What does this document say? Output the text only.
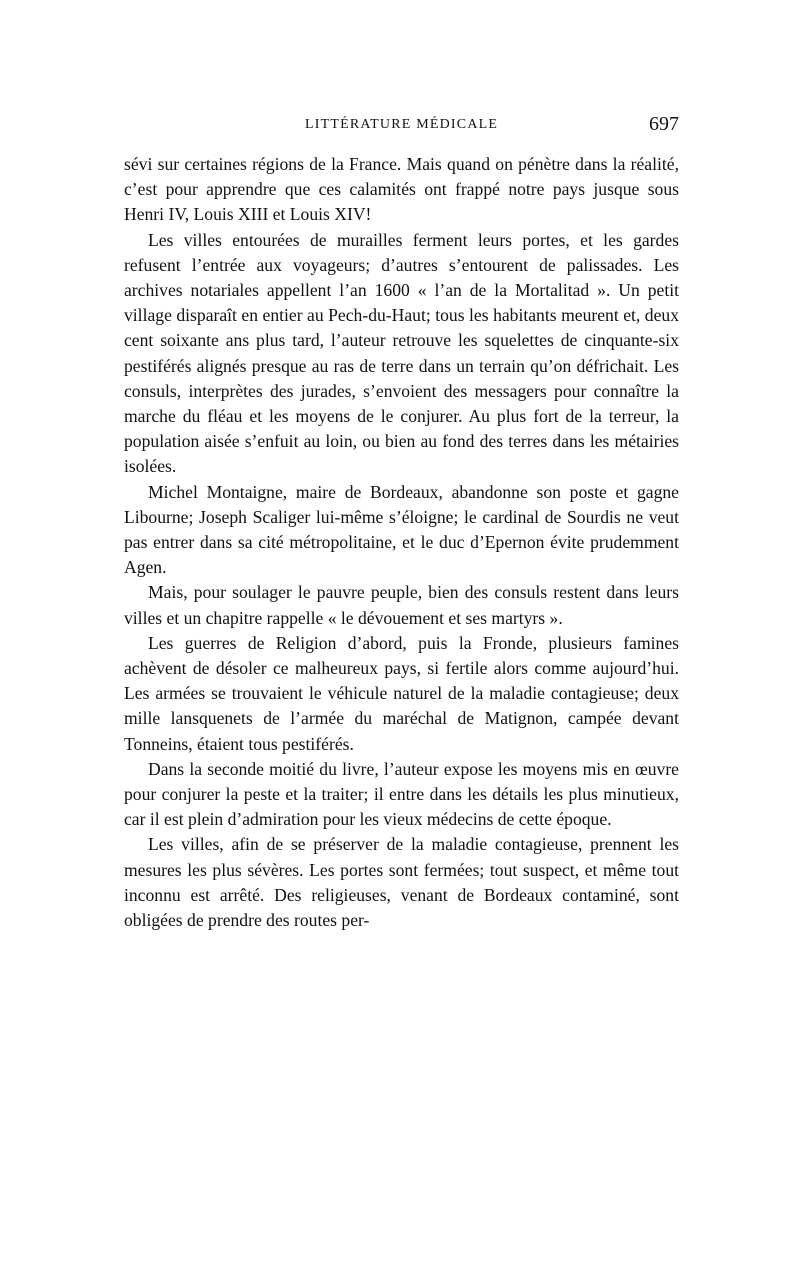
LITTÉRATURE MÉDICALE	697

sévi sur certaines régions de la France. Mais quand on pénètre dans la réalité, c’est pour apprendre que ces calamités ont frappé notre pays jusque sous Henri IV, Louis XIII et Louis XIV!

Les villes entourées de murailles ferment leurs portes, et les gardes refusent l’entrée aux voyageurs; d’autres s’entourent de palissades. Les archives notariales appellent l’an 1600 « l’an de la Mortalitad ». Un petit village disparaît en entier au Pech-du-Haut; tous les habitants meurent et, deux cent soixante ans plus tard, l’auteur retrouve les squelettes de cinquante-six pestiférés alignés presque au ras de terre dans un terrain qu’on défrichait. Les consuls, interprètes des jurades, s’envoient des messagers pour connaître la marche du fléau et les moyens de le conjurer. Au plus fort de la terreur, la population aisée s’enfuit au loin, ou bien au fond des terres dans les métairies isolées.

Michel Montaigne, maire de Bordeaux, abandonne son poste et gagne Libourne; Joseph Scaliger lui-même s’éloigne; le cardinal de Sourdis ne veut pas entrer dans sa cité métropolitaine, et le duc d’Epernon évite prudemment Agen.

Mais, pour soulager le pauvre peuple, bien des consuls restent dans leurs villes et un chapitre rappelle « le dévouement et ses martyrs ».

Les guerres de Religion d’abord, puis la Fronde, plusieurs famines achèvent de désoler ce malheureux pays, si fertile alors comme aujourd’hui. Les armées se trouvaient le véhicule naturel de la maladie contagieuse; deux mille lansquenets de l’armée du maréchal de Matignon, campée devant Tonneins, étaient tous pestiférés.

Dans la seconde moitié du livre, l’auteur expose les moyens mis en œuvre pour conjurer la peste et la traiter; il entre dans les détails les plus minutieux, car il est plein d’admiration pour les vieux médecins de cette époque.

Les villes, afin de se préserver de la maladie contagieuse, prennent les mesures les plus sévères. Les portes sont fermées; tout suspect, et même tout inconnu est arrêté. Des religieuses, venant de Bordeaux contaminé, sont obligées de prendre des routes per-
